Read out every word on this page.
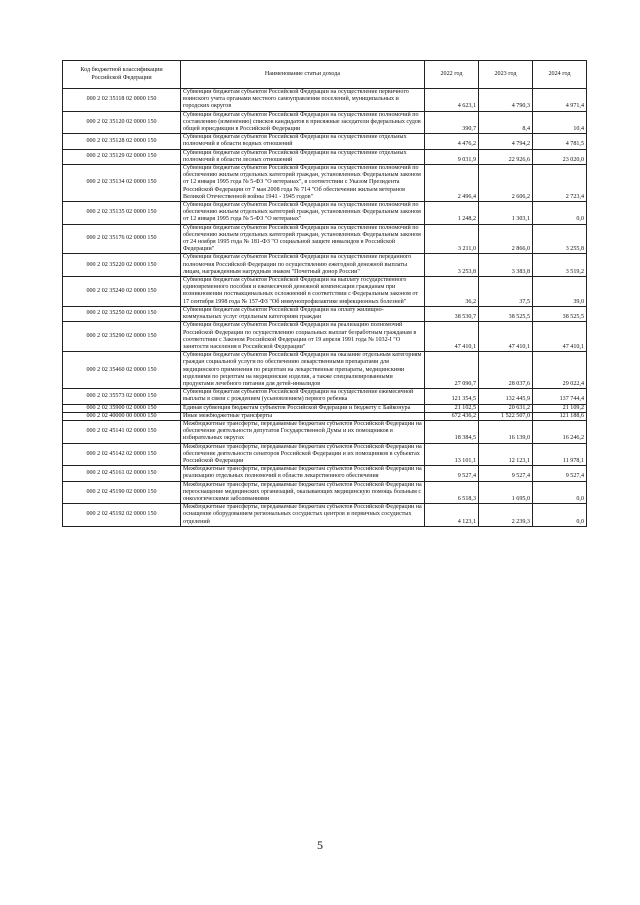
Код бюджетной классификации Российской Федерации	Наименование статьи дохода	2022 год	2023 год	2024 год
000 2 02 35118 02 0000 150	Субвенции бюджетам субъектов Российской Федерации на осуществление первичного воинского учета органами местного самоуправления поселений, муниципальных и городских округов	4 623,1	4 790,3	4 971,4
000 2 02 35120 02 0000 150	Субвенции бюджетам субъектов Российской Федерации на осуществление полномочий по составлению (изменению) списков кандидатов в присяжные заседатели федеральных судов общей юрисдикции в Российской Федерации	390,7	8,4	10,4
000 2 02 35128 02 0000 150	Субвенции бюджетам субъектов Российской Федерации на осуществление отдельных полномочий в области водных отношений	4 476,2	4 794,2	4 781,5
000 2 02 35129 02 0000 150	Субвенции бюджетам субъектов Российской Федерации на осуществление отдельных полномочий в области лесных отношений	9 031,9	22 926,6	23 020,0
000 2 02 35134 02 0000 150	Субвенции бюджетам субъектов Российской Федерации на осуществление полномочий по обеспечению жильем отдельных категорий граждан, установленных Федеральным законом от 12 января 1995 года № 5-ФЗ "О ветеранах", в соответствии с Указом Президента Российской Федерации от 7 мая 2008 года № 714 "Об обеспечении жильем ветеранов Великой Отечественной войны 1941 - 1945 годов"	2 496,4	2 606,2	2 723,4
000 2 02 35135 02 0000 150	Субвенции бюджетам субъектов Российской Федерации на осуществление полномочий по обеспечению жильем отдельных категорий граждан, установленных Федеральным законом от 12 января 1995 года № 5-ФЗ "О ветеранах"	1 248,2	1 303,1	0,0
000 2 02 35176 02 0000 150	Субвенции бюджетам субъектов Российской Федерации на осуществление полномочий по обеспечению жильем отдельных категорий граждан, установленных Федеральным законом от 24 ноября 1995 года № 181-ФЗ "О социальной защите инвалидов в Российской Федерации"	3 211,0	2 866,0	3 255,8
000 2 02 35220 02 0000 150	Субвенции бюджетам субъектов Российской Федерации на осуществление переданного полномочия Российской Федерации по осуществлению ежегодной денежной выплаты лицам, награжденным нагрудным знаком "Почетный донор России"	3 253,8	3 383,8	3 519,2
000 2 02 35240 02 0000 150	Субвенции бюджетам субъектов Российской Федерации на выплату государственного единовременного пособия и ежемесячной денежной компенсации гражданам при возникновении поствакцинальных осложнений в соответствии с Федеральным законом от 17 сентября 1998 года № 157-ФЗ "Об иммунопрофилактике инфекционных болезней"	36,2	37,5	39,0
000 2 02 35250 02 0000 150	Субвенции бюджетам субъектов Российской Федерации на оплату жилищно-коммунальных услуг отдельным категориям граждан	38 530,7	38 525,5	38 525,5
000 2 02 35290 02 0000 150	Субвенции бюджетам субъектов Российской Федерации на реализацию полномочий Российской Федерации по осуществлению социальных выплат безработным гражданам в соответствии с Законом Российской Федерации от 19 апреля 1991 года № 1032-I "О занятости населения в Российской Федерации"	47 410,1	47 410,1	47 410,1
000 2 02 35460 02 0000 150	Субвенции бюджетам субъектов Российской Федерации на оказание отдельным категориям граждан социальной услуги по обеспечению лекарственными препаратами для медицинского применения по рецептам на лекарственные препараты, медицинскими изделиями по рецептам на медицинские изделия, а также специализированными продуктами лечебного питания для детей-инвалидов	27 090,7	28 037,6	29 022,4
000 2 02 35573 02 0000 150	Субвенции бюджетам субъектов Российской Федерации на осуществление ежемесячной выплаты в связи с рождением (усыновлением) первого ребенка	121 354,5	132 445,9	137 744,4
000 2 02 35900 02 0000 150	Единая субвенция бюджетам субъектов Российской Федерации и бюджету г. Байконура	21 102,5	20 631,2	21 109,2
000 2 02 40000 00 0000 150	Иные межбюджетные трансферты	672 436,2	1 522 507,0	121 188,6
000 2 02 45141 02 0000 150	Межбюджетные трансферты, передаваемые бюджетам субъектов Российской Федерации на обеспечение деятельности депутатов Государственной Думы и их помощников в избирательных округах	18 384,5	16 139,0	16 246,2
000 2 02 45142 02 0000 150	Межбюджетные трансферты, передаваемые бюджетам субъектов Российской Федерации на обеспечение деятельности сенаторов Российской Федерации и их помощников в субъектах Российской Федерации	13 101,1	12 123,1	11 978,1
000 2 02 45161 02 0000 150	Межбюджетные трансферты, передаваемые бюджетам субъектов Российской Федерации на реализацию отдельных полномочий в области лекарственного обеспечения	9 527,4	9 527,4	9 527,4
000 2 02 45190 02 0000 150	Межбюджетные трансферты, передаваемые бюджетам субъектов Российской Федерации на переоснащение медицинских организаций, оказывающих медицинскую помощь больным с онкологическими заболеваниями	6 518,3	1 695,0	0,0
000 2 02 45192 02 0000 150	Межбюджетные трансферты, передаваемые бюджетам субъектов Российской Федерации на оснащение оборудованием региональных сосудистых центров и первичных сосудистых отделений	4 123,1	2 239,3	0,0
5
